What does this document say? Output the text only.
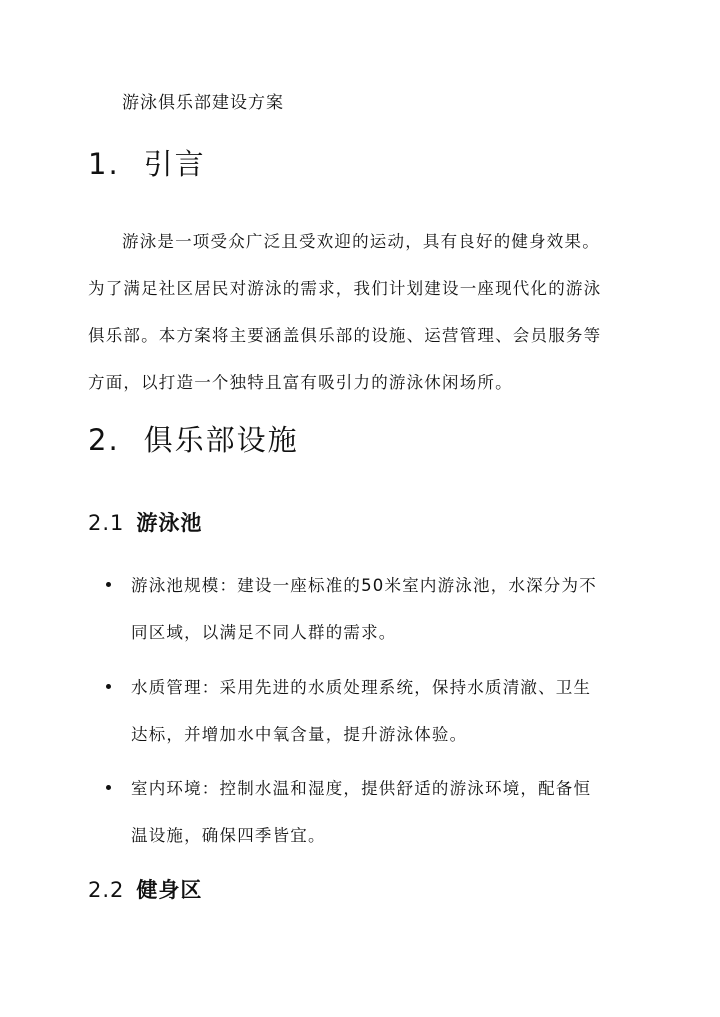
游泳俱乐部建设方案
1. 引言
游泳是一项受众广泛且受欢迎的运动，具有良好的健身效果。
为了满足社区居民对游泳的需求，我们计划建设一座现代化的游泳
俱乐部。本方案将主要涵盖俱乐部的设施、运营管理、会员服务等
方面，以打造一个独特且富有吸引力的游泳休闲场所。
2. 俱乐部设施
2.1 游泳池
游泳池规模：建设一座标准的50米室内游泳池，水深分为不
同区域，以满足不同人群的需求。
水质管理：采用先进的水质处理系统，保持水质清澈、卫生
达标，并增加水中氧含量，提升游泳体验。
室内环境：控制水温和湿度，提供舒适的游泳环境，配备恒
温设施，确保四季皆宜。
2.2 健身区
